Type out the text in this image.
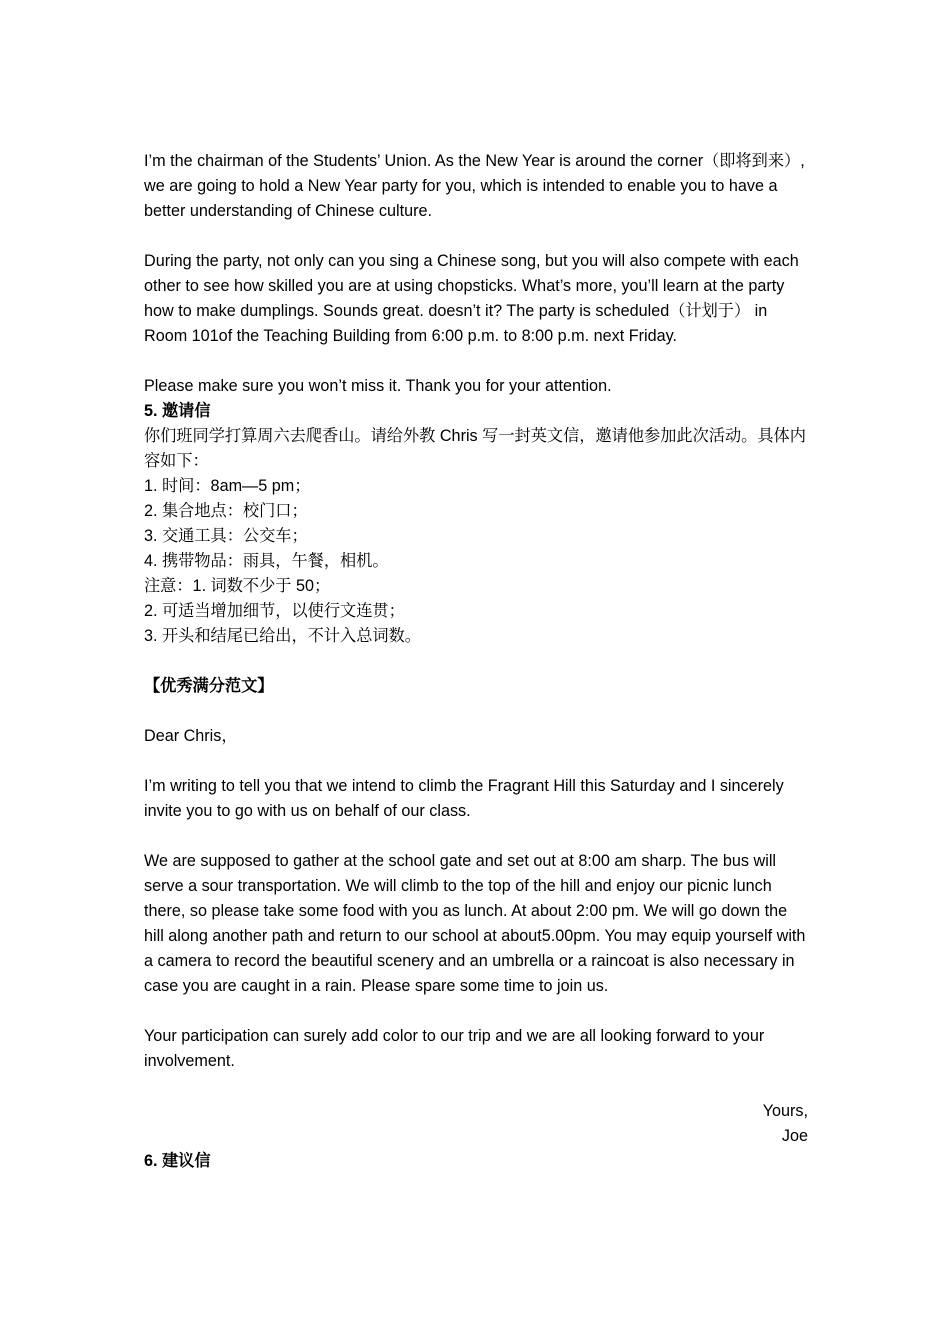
I’m the chairman of the Students’ Union. As the New Year is around the corner（即将到来）, we are going to hold a New Year party for you, which is intended to enable you to have a better understanding of Chinese culture.

During the party, not only can you sing a Chinese song, but you will also compete with each other to see how skilled you are at using chopsticks. What’s more, you’ll learn at the party how to make dumplings. Sounds great. doesn’t it? The party is scheduled（计划于） in Room 101of the Teaching Building from 6:00 p.m. to 8:00 p.m. next Friday.

Please make sure you won’t miss it. Thank you for your attention.

5. 邀请信

你们班同学打算周六去爬香山。请给外教 Chris 写一封英文信，邀请他参加此次活动。具体内容如下：

1. 时间：8am—5 pm；

2. 集合地点：校门口；

3. 交通工具：公交车；

4. 携带物品：雨具，午餐，相机。

注意：1. 词数不少于 50；

2. 可适当增加细节，以使行文连贯；

3. 开头和结尾已给出，不计入总词数。

【优秀满分范文】

Dear Chris，

I’m writing to tell you that we intend to climb the Fragrant Hill this Saturday and I sincerely invite you to go with us on behalf of our class.

We are supposed to gather at the school gate and set out at 8:00 am sharp. The bus will serve a sour transportation. We will climb to the top of the hill and enjoy our picnic lunch there, so please take some food with you as lunch. At about 2:00 pm. We will go down the hill along another path and return to our school at about5.00pm. You may equip yourself with a camera to record the beautiful scenery and an umbrella or a raincoat is also necessary in case you are caught in a rain. Please spare some time to join us.

Your participation can surely add color to our trip and we are all looking forward to your involvement.

Yours,

Joe

6. 建议信
